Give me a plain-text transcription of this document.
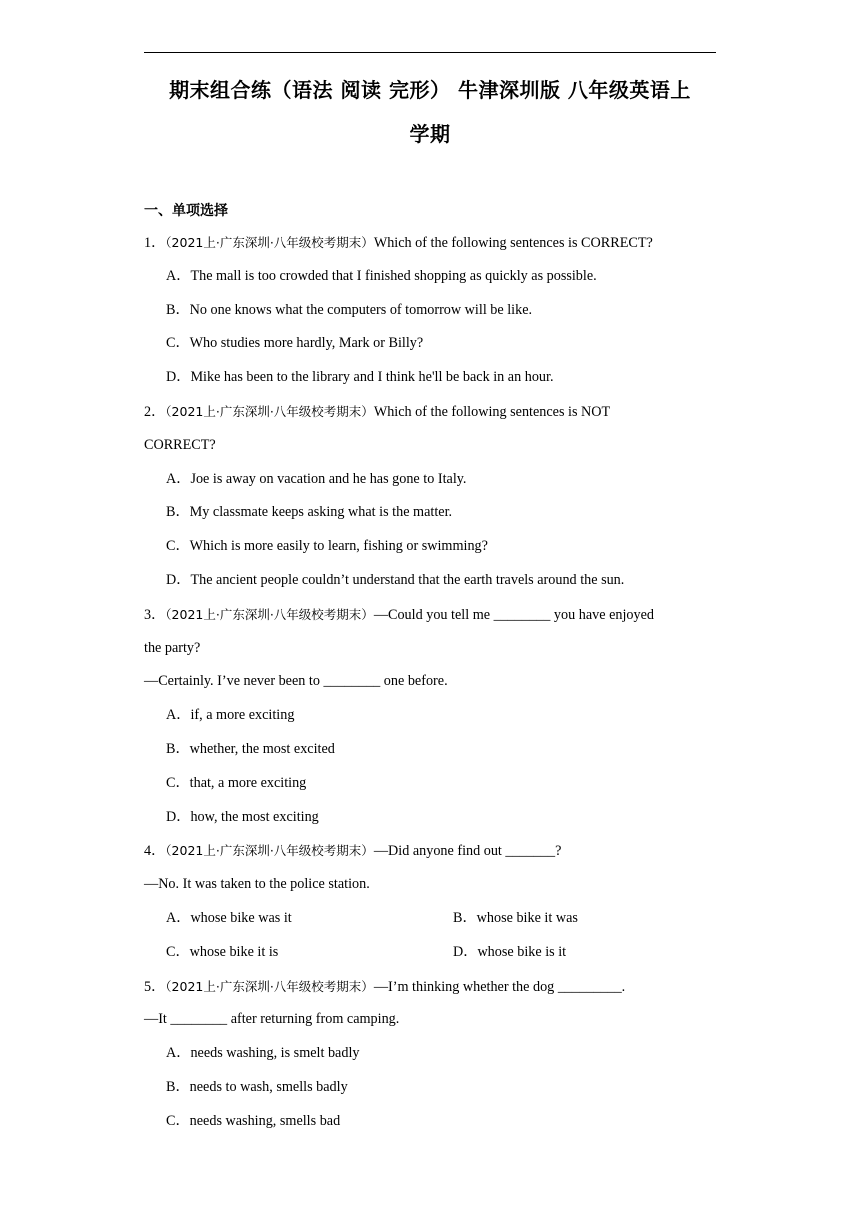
期末组合练（语法 阅读 完形） 牛津深圳版 八年级英语上
学期
一、单项选择
1．（2021上·广东深圳·八年级校考期末）Which of the following sentences is CORRECT?
A．The mall is too crowded that I finished shopping as quickly as possible.
B．No one knows what the computers of tomorrow will be like.
C．Who studies more hardly, Mark or Billy?
D．Mike has been to the library and I think he'll be back in an hour.
2．（2021上·广东深圳·八年级校考期末）Which of the following sentences is NOT
CORRECT?
A．Joe is away on vacation and he has gone to Italy.
B．My classmate keeps asking what is the matter.
C．Which is more easily to learn, fishing or swimming?
D．The ancient people couldn’t understand that the earth travels around the sun.
3．（2021上·广东深圳·八年级校考期末）—Could you tell me ________ you have enjoyed
the party?
—Certainly. I’ve never been to ________ one before.
A．if, a more exciting
B．whether, the most excited
C．that, a more exciting
D．how, the most exciting
4．（2021上·广东深圳·八年级校考期末）—Did anyone find out _______?
—No. It was taken to the police station.
A．whose bike was it	B．whose bike it was
C．whose bike it is	D．whose bike is it
5．（2021上·广东深圳·八年级校考期末）—I’m thinking whether the dog _________.
—It ________ after returning from camping.
A．needs washing, is smelt badly
B．needs to wash, smells badly
C．needs washing, smells bad
